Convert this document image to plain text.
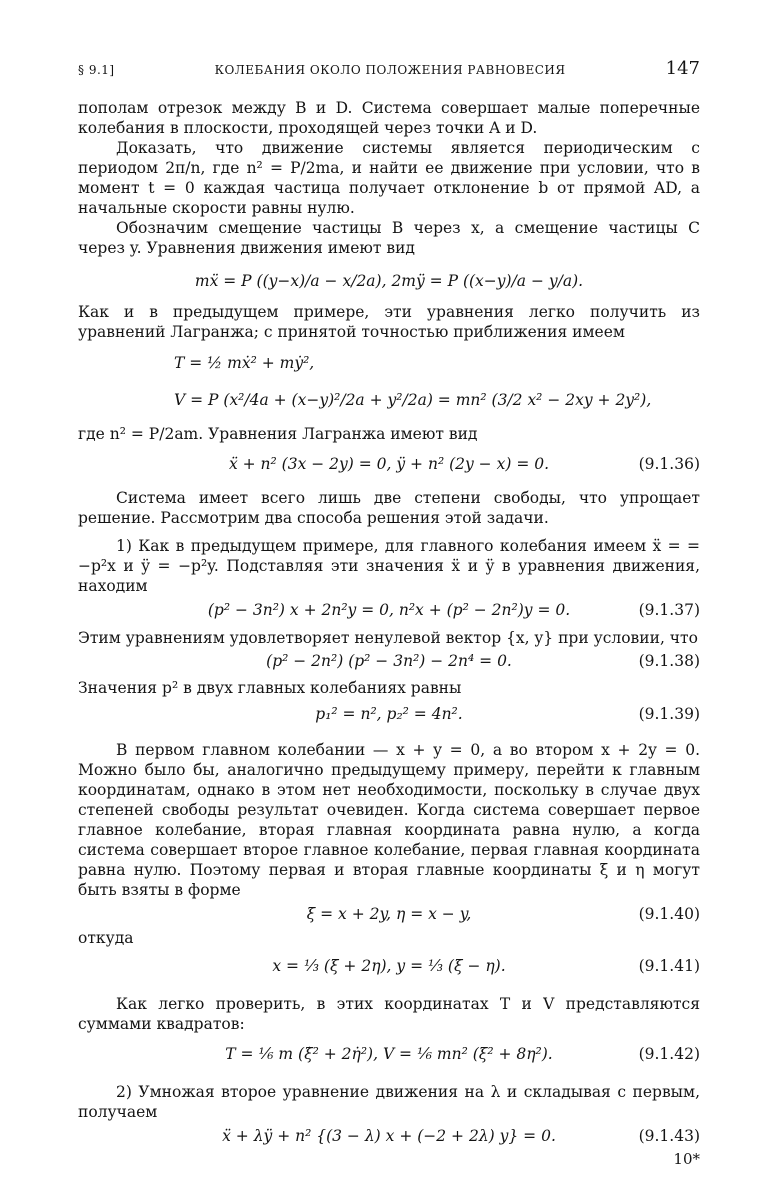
§ 9.1]	КОЛЕБАНИЯ ОКОЛО ПОЛОЖЕНИЯ РАВНОВЕСИЯ	147

пополам отрезок между B и D. Система совершает малые поперечные колебания в плоскости, проходящей через точки A и D.

Доказать, что движение системы является периодическим с периодом 2π/n, где n² = P/2ma, и найти ее движение при условии, что в момент t = 0 каждая частица получает отклонение b от прямой AD, а начальные скорости равны нулю.

Обозначим смещение частицы B через x, а смещение частицы C через y. Уравнения движения имеют вид

mẍ = P ((y−x)/a − x/2a), 2mÿ = P ((x−y)/a − y/a).

Как и в предыдущем примере, эти уравнения легко получить из уравнений Лагранжа; с принятой точностью приближения имеем

T = ½ mẋ² + mẏ²,
V = P (x²/4a + (x−y)²/2a + y²/2a) = mn² (3/2 x² − 2xy + 2y²),

где n² = P/2am. Уравнения Лагранжа имеют вид

ẍ + n² (3x − 2y) = 0, ÿ + n² (2y − x) = 0.	(9.1.36)

Система имеет всего лишь две степени свободы, что упрощает решение. Рассмотрим два способа решения этой задачи.

1) Как в предыдущем примере, для главного колебания имеем ẍ = = −p²x и ÿ = −p²y. Подставляя эти значения ẍ и ÿ в уравнения движения, находим

(p² − 3n²) x + 2n²y = 0, n²x + (p² − 2n²)y = 0.	(9.1.37)

Этим уравнениям удовлетворяет ненулевой вектор {x, y} при условии, что

(p² − 2n²) (p² − 3n²) − 2n⁴ = 0.	(9.1.38)

Значения p² в двух главных колебаниях равны

p₁² = n², p₂² = 4n².	(9.1.39)

В первом главном колебании — x + y = 0, а во втором x + 2y = 0. Можно было бы, аналогично предыдущему примеру, перейти к главным координатам, однако в этом нет необходимости, поскольку в случае двух степеней свободы результат очевиден. Когда система совершает первое главное колебание, вторая главная координата равна нулю, а когда система совершает второе главное колебание, первая главная координата равна нулю. Поэтому первая и вторая главные координаты ξ и η могут быть взяты в форме

ξ = x + 2y, η = x − y,	(9.1.40)

откуда

x = ⅓ (ξ + 2η), y = ⅓ (ξ − η).	(9.1.41)

Как легко проверить, в этих координатах T и V представляются суммами квадратов:

T = ⅙ m (ξ̇² + 2η̇²), V = ⅙ mn² (ξ² + 8η²).	(9.1.42)

2) Умножая второе уравнение движения на λ и складывая с первым, получаем

ẍ + λÿ + n² {(3 − λ) x + (−2 + 2λ) y} = 0.	(9.1.43)
10*
